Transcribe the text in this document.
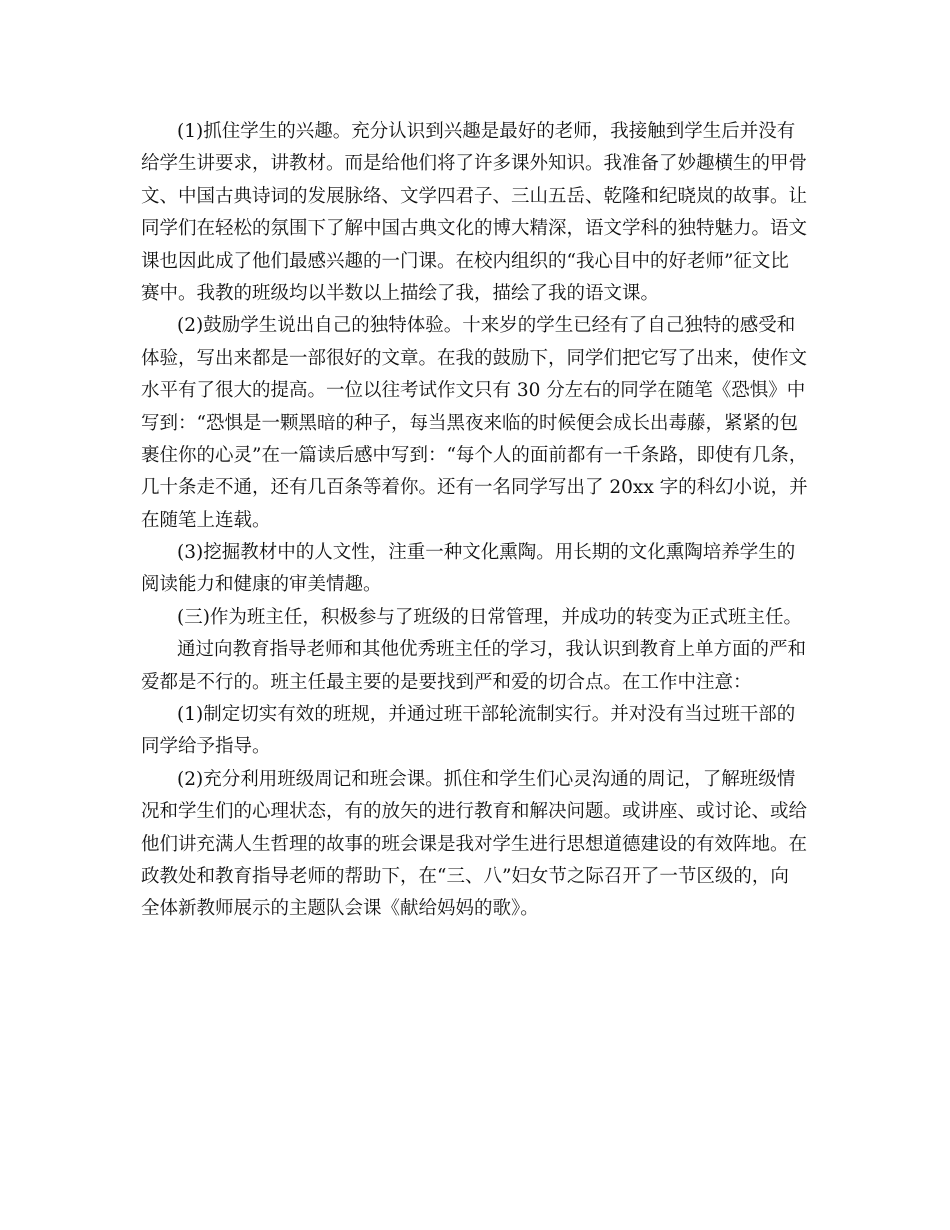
(1)抓住学生的兴趣。充分认识到兴趣是最好的老师，我接触到学生后并没有
给学生讲要求，讲教材。而是给他们将了许多课外知识。我准备了妙趣横生的甲骨
文、中国古典诗词的发展脉络、文学四君子、三山五岳、乾隆和纪晓岚的故事。让
同学们在轻松的氛围下了解中国古典文化的博大精深，语文学科的独特魅力。语文
课也因此成了他们最感兴趣的一门课。在校内组织的“我心目中的好老师”征文比
赛中。我教的班级均以半数以上描绘了我，描绘了我的语文课。
(2)鼓励学生说出自己的独特体验。十来岁的学生已经有了自己独特的感受和
体验，写出来都是一部很好的文章。在我的鼓励下，同学们把它写了出来，使作文
水平有了很大的提高。一位以往考试作文只有 30 分左右的同学在随笔《恐惧》中
写到：“恐惧是一颗黑暗的种子，每当黑夜来临的时候便会成长出毒藤，紧紧的包
裹住你的心灵”在一篇读后感中写到：“每个人的面前都有一千条路，即使有几条，
几十条走不通，还有几百条等着你。还有一名同学写出了 20xx 字的科幻小说，并
在随笔上连载。
(3)挖掘教材中的人文性，注重一种文化熏陶。用长期的文化熏陶培养学生的
阅读能力和健康的审美情趣。
(三)作为班主任，积极参与了班级的日常管理，并成功的转变为正式班主任。
通过向教育指导老师和其他优秀班主任的学习，我认识到教育上单方面的严和
爱都是不行的。班主任最主要的是要找到严和爱的切合点。在工作中注意：
(1)制定切实有效的班规，并通过班干部轮流制实行。并对没有当过班干部的
同学给予指导。
(2)充分利用班级周记和班会课。抓住和学生们心灵沟通的周记，了解班级情
况和学生们的心理状态，有的放矢的进行教育和解决问题。或讲座、或讨论、或给
他们讲充满人生哲理的故事的班会课是我对学生进行思想道德建设的有效阵地。在
政教处和教育指导老师的帮助下，在“三、八”妇女节之际召开了一节区级的，向
全体新教师展示的主题队会课《献给妈妈的歌》。
